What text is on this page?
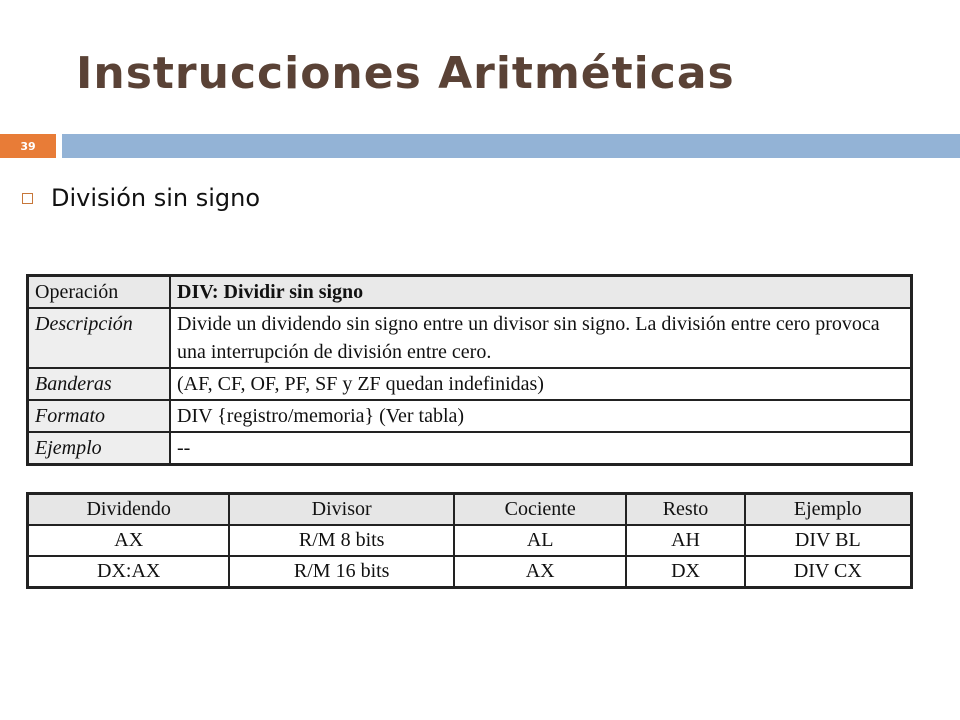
Instrucciones Aritméticas
39
División sin signo
Operación	DIV: Dividir sin signo
Descripción	Divide un dividendo sin signo entre un divisor sin signo. La división entre cero provoca una interrupción de división entre cero.
Banderas	(AF, CF, OF, PF, SF y ZF quedan indefinidas)
Formato	DIV {registro/memoria} (Ver tabla)
Ejemplo	--
Dividendo	Divisor	Cociente	Resto	Ejemplo
AX	R/M 8 bits	AL	AH	DIV BL
DX:AX	R/M 16 bits	AX	DX	DIV CX
